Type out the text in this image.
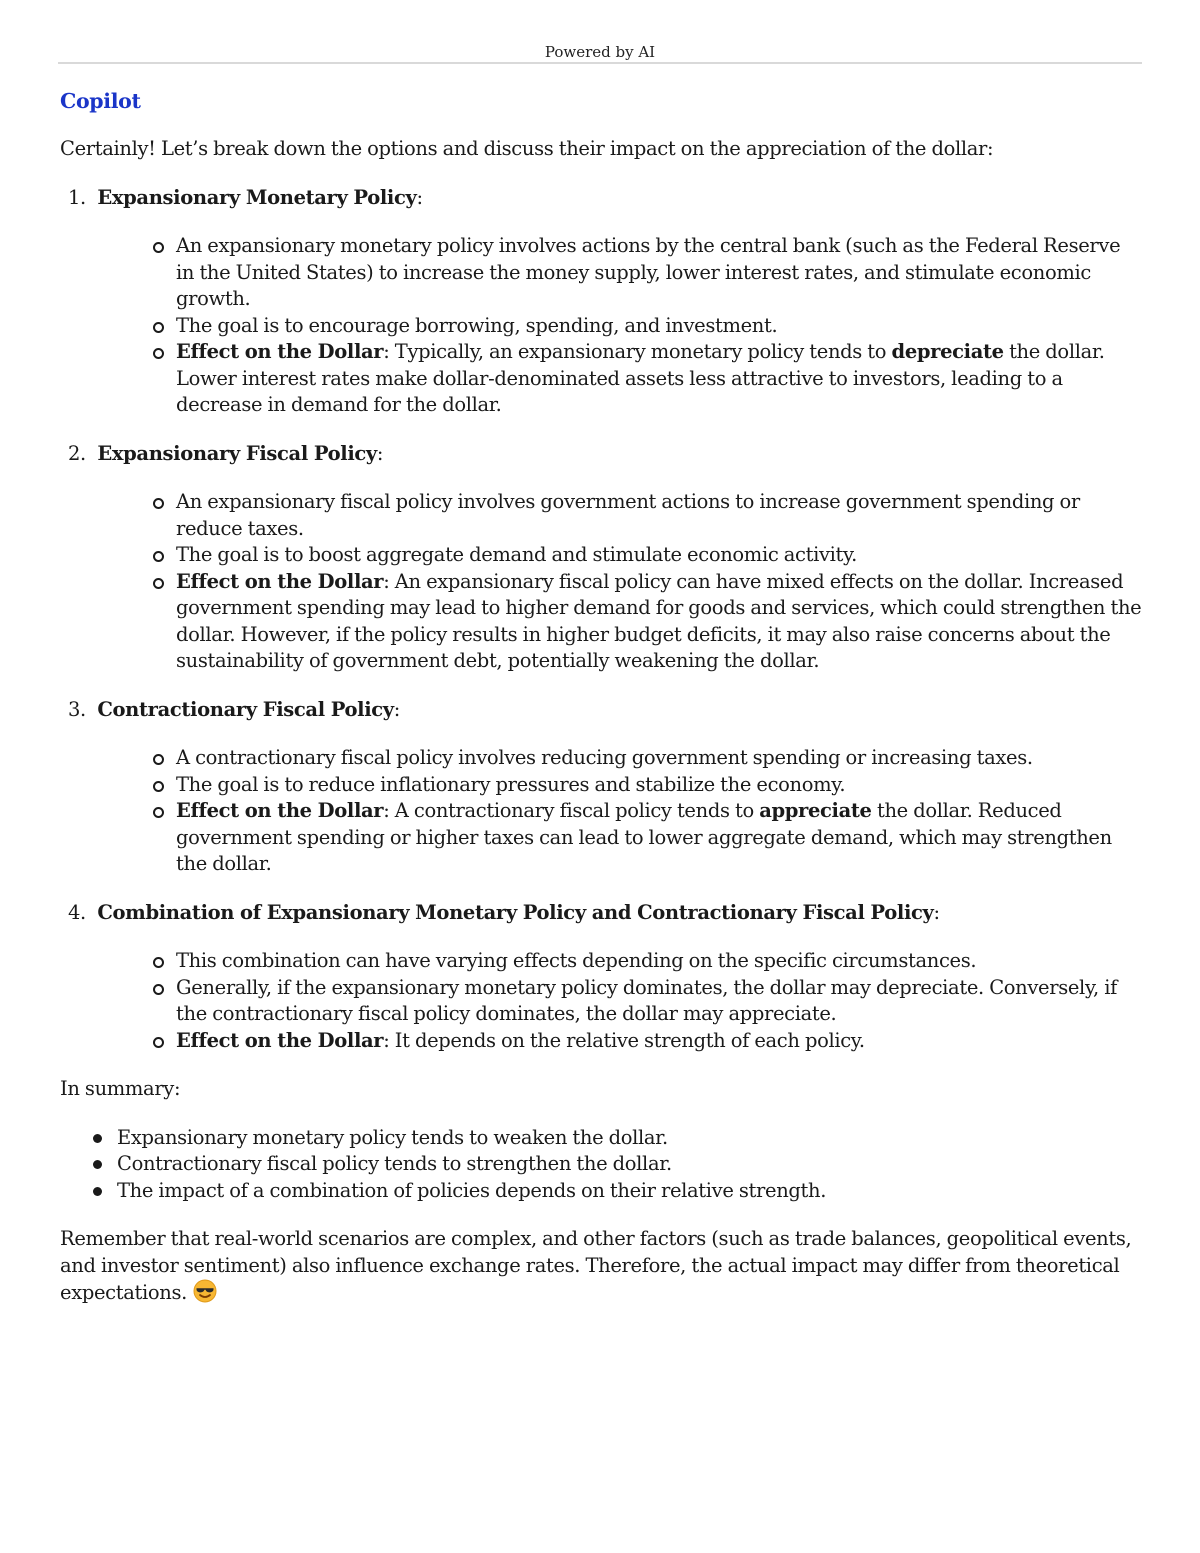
Powered by AI
Copilot

Certainly! Let’s break down the options and discuss their impact on the appreciation of the dollar:

1. Expansionary Monetary Policy:
An expansionary monetary policy involves actions by the central bank (such as the Federal Reserve in the United States) to increase the money supply, lower interest rates, and stimulate economic growth.
The goal is to encourage borrowing, spending, and investment.
Effect on the Dollar: Typically, an expansionary monetary policy tends to depreciate the dollar. Lower interest rates make dollar-denominated assets less attractive to investors, leading to a decrease in demand for the dollar.
2. Expansionary Fiscal Policy:
An expansionary fiscal policy involves government actions to increase government spending or reduce taxes.
The goal is to boost aggregate demand and stimulate economic activity.
Effect on the Dollar: An expansionary fiscal policy can have mixed effects on the dollar. Increased government spending may lead to higher demand for goods and services, which could strengthen the dollar. However, if the policy results in higher budget deficits, it may also raise concerns about the sustainability of government debt, potentially weakening the dollar.
3. Contractionary Fiscal Policy:
A contractionary fiscal policy involves reducing government spending or increasing taxes.
The goal is to reduce inflationary pressures and stabilize the economy.
Effect on the Dollar: A contractionary fiscal policy tends to appreciate the dollar. Reduced government spending or higher taxes can lead to lower aggregate demand, which may strengthen the dollar.
4. Combination of Expansionary Monetary Policy and Contractionary Fiscal Policy:
This combination can have varying effects depending on the specific circumstances.
Generally, if the expansionary monetary policy dominates, the dollar may depreciate. Conversely, if the contractionary fiscal policy dominates, the dollar may appreciate.
Effect on the Dollar: It depends on the relative strength of each policy.

In summary:

Expansionary monetary policy tends to weaken the dollar.
Contractionary fiscal policy tends to strengthen the dollar.
The impact of a combination of policies depends on their relative strength.

Remember that real-world scenarios are complex, and other factors (such as trade balances, geopolitical events, and investor sentiment) also influence exchange rates. Therefore, the actual impact may differ from theoretical expectations.
